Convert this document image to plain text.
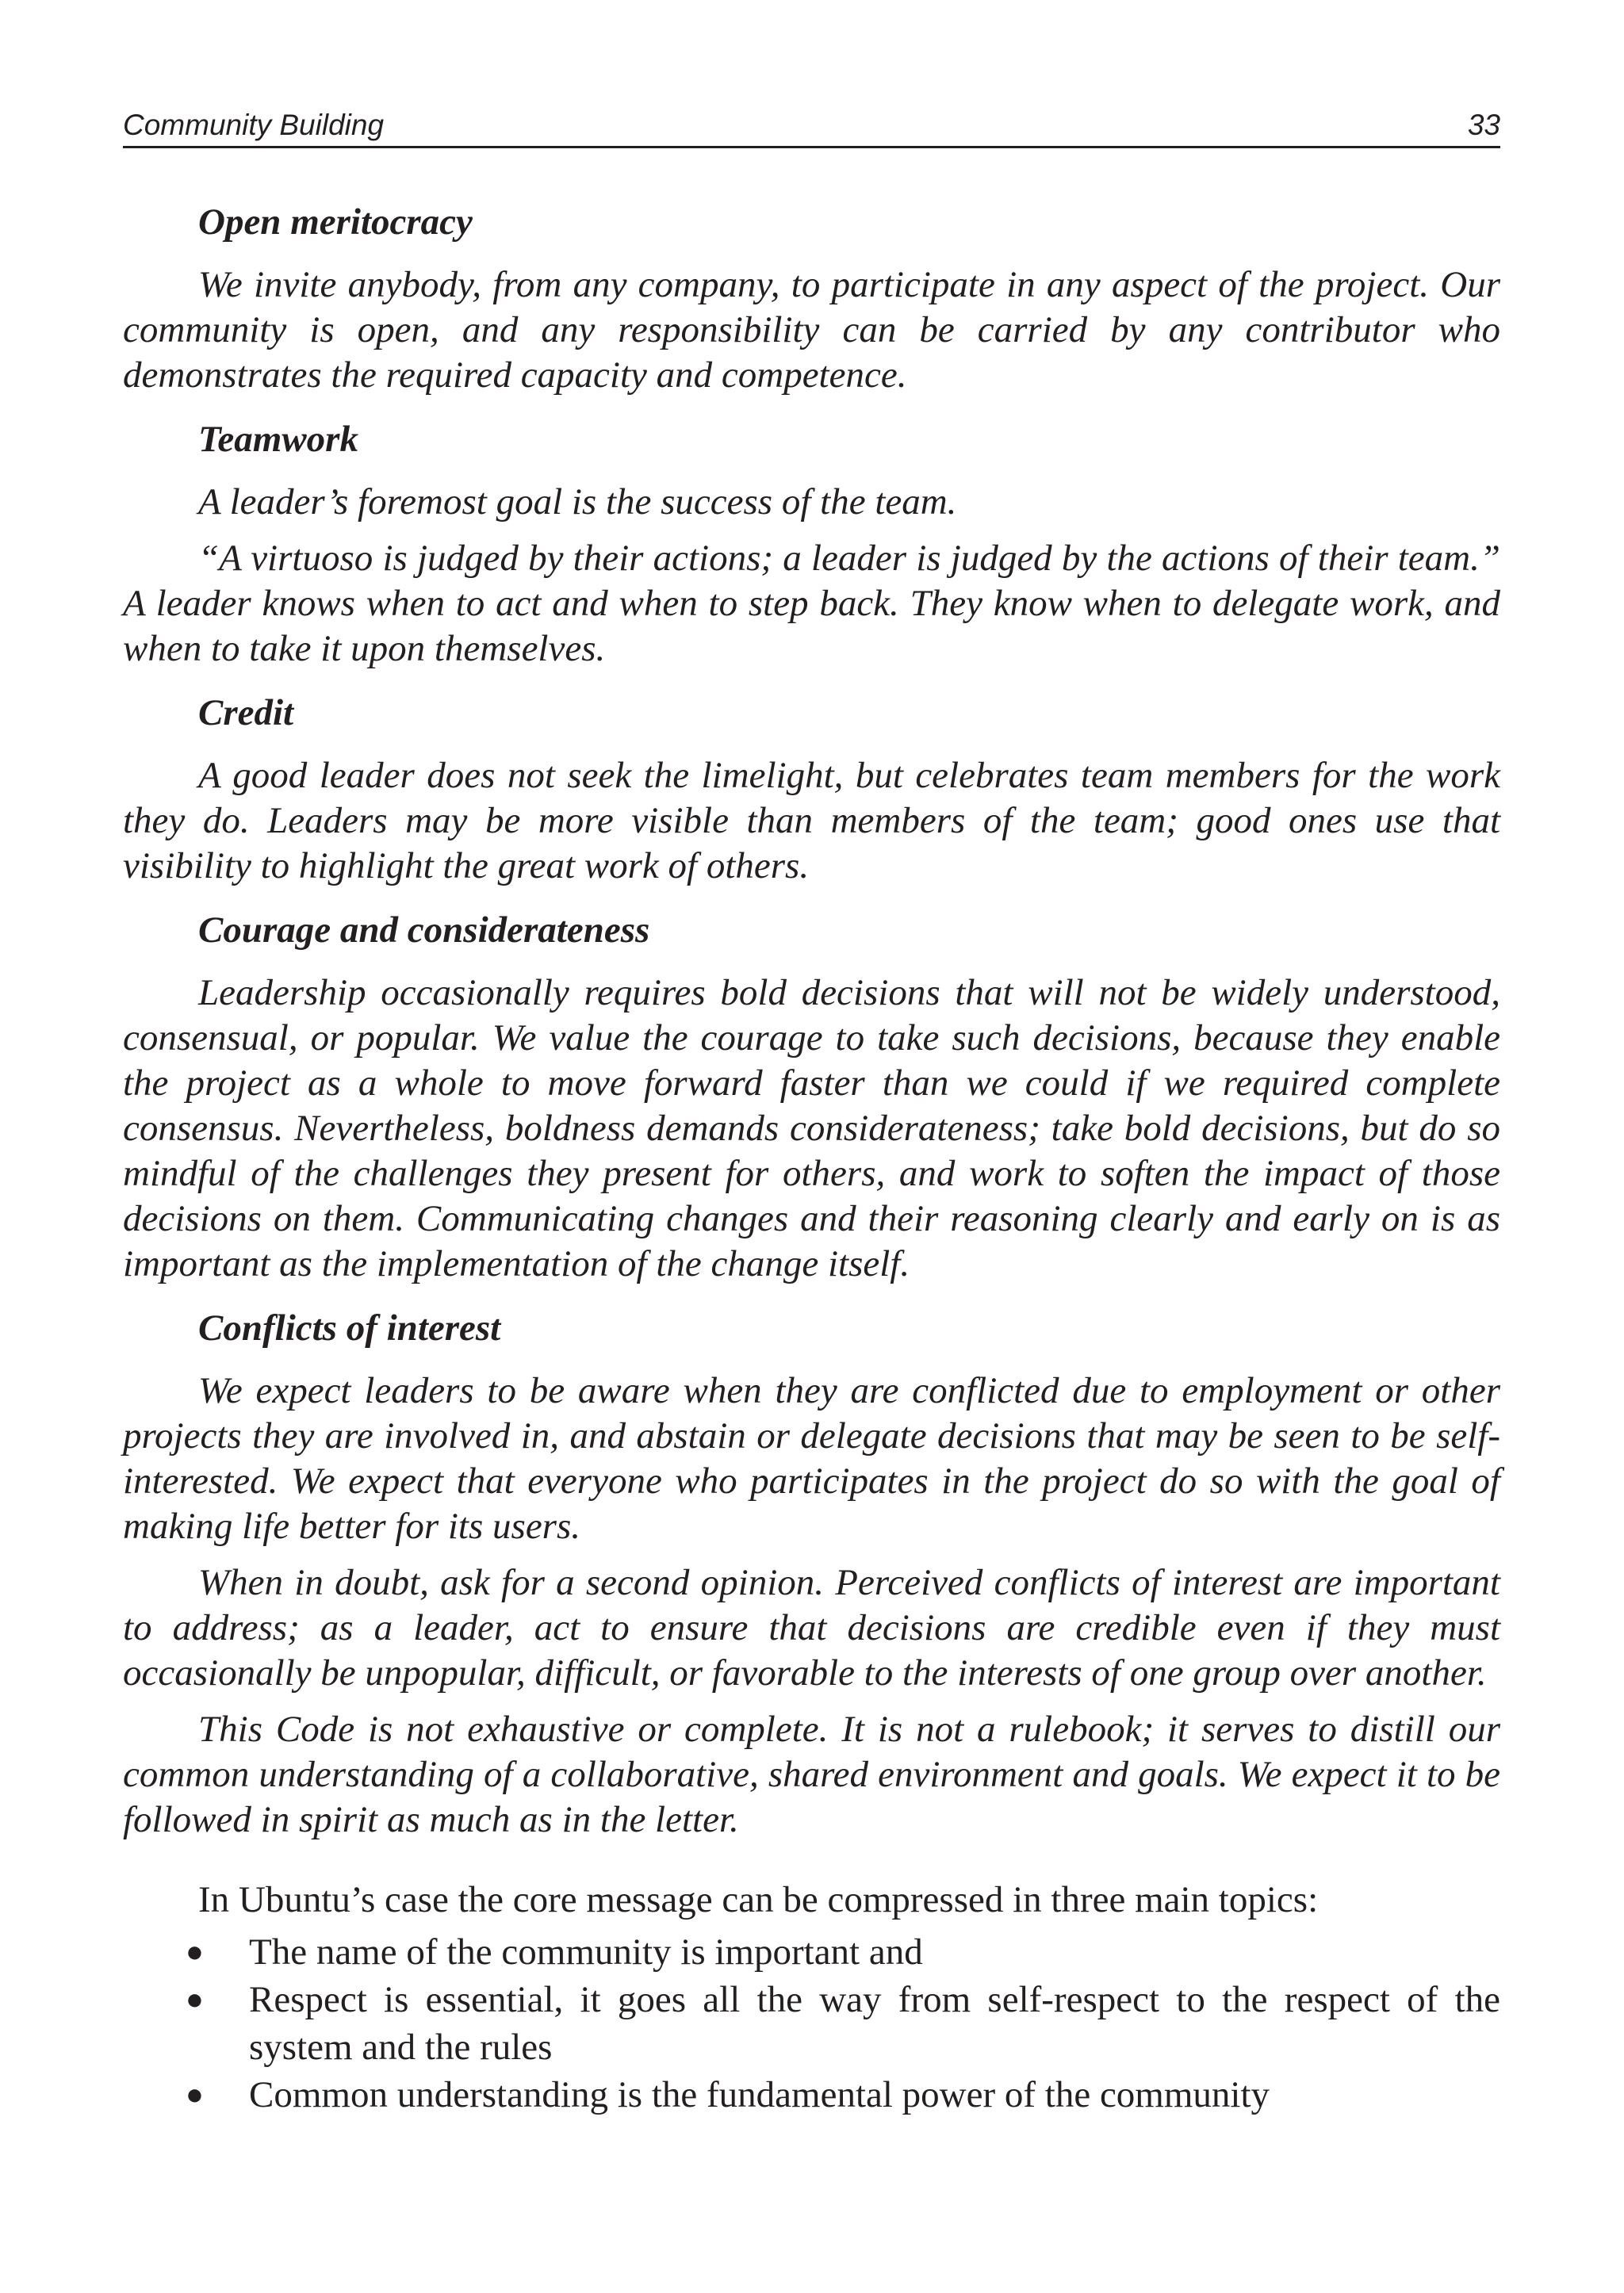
Community Building	33
Open meritocracy

We invite anybody, from any company, to participate in any aspect of the project. Our community is open, and any responsibility can be carried by any contributor who demonstrates the required capacity and competence.

Teamwork

A leader’s foremost goal is the success of the team.

“A virtuoso is judged by their actions; a leader is judged by the actions of their team.” A leader knows when to act and when to step back. They know when to delegate work, and when to take it upon themselves.

Credit

A good leader does not seek the limelight, but celebrates team members for the work they do. Leaders may be more visible than members of the team; good ones use that visibility to highlight the great work of others.

Courage and considerateness

Leadership occasionally requires bold decisions that will not be widely understood, consensual, or popular. We value the courage to take such decisions, because they enable the project as a whole to move forward faster than we could if we required complete consensus. Nevertheless, boldness demands considerateness; take bold decisions, but do so mindful of the challenges they present for others, and work to soften the impact of those decisions on them. Communicating changes and their reasoning clearly and early on is as important as the implementation of the change itself.

Conflicts of interest

We expect leaders to be aware when they are conflicted due to employment or other projects they are involved in, and abstain or delegate decisions that may be seen to be self-interested. We expect that everyone who participates in the project do so with the goal of making life better for its users.

When in doubt, ask for a second opinion. Perceived conflicts of interest are important to address; as a leader, act to ensure that decisions are credible even if they must occasionally be unpopular, difficult, or favorable to the interests of one group over another.

This Code is not exhaustive or complete. It is not a rulebook; it serves to distill our common understanding of a collaborative, shared environment and goals. We expect it to be followed in spirit as much as in the letter.

In Ubuntu’s case the core message can be compressed in three main topics:

● The name of the community is important and
● Respect is essential, it goes all the way from self-respect to the respect of the system and the rules
● Common understanding is the fundamental power of the community
